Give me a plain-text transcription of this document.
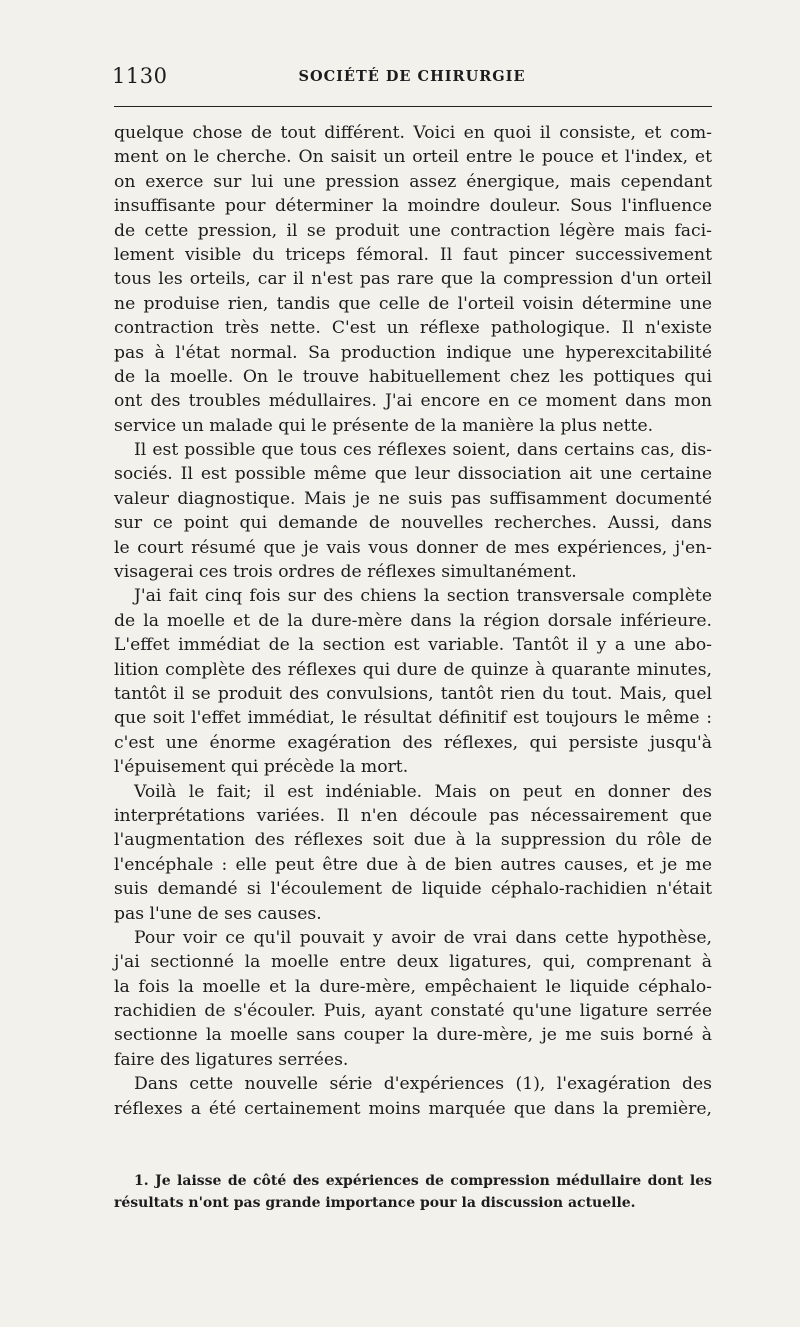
1130	SOCIÉTÉ DE CHIRURGIE
quelque chose de tout différent. Voici en quoi il consiste, et com-
ment on le cherche. On saisit un orteil entre le pouce et l'index, et
on exerce sur lui une pression assez énergique, mais cependant
insuffisante pour déterminer la moindre douleur. Sous l'influence
de cette pression, il se produit une contraction légère mais faci-
lement visible du triceps fémoral. Il faut pincer successivement
tous les orteils, car il n'est pas rare que la compression d'un orteil
ne produise rien, tandis que celle de l'orteil voisin détermine une
contraction très nette. C'est un réflexe pathologique. Il n'existe
pas à l'état normal. Sa production indique une hyperexcitabilité
de la moelle. On le trouve habituellement chez les pottiques qui
ont des troubles médullaires. J'ai encore en ce moment dans mon
service un malade qui le présente de la manière la plus nette.
Il est possible que tous ces réflexes soient, dans certains cas, dis-
sociés. Il est possible même que leur dissociation ait une certaine
valeur diagnostique. Mais je ne suis pas suffisamment documenté
sur ce point qui demande de nouvelles recherches. Aussi, dans
le court résumé que je vais vous donner de mes expériences, j'en-
visagerai ces trois ordres de réflexes simultanément.
J'ai fait cinq fois sur des chiens la section transversale complète
de la moelle et de la dure-mère dans la région dorsale inférieure.
L'effet immédiat de la section est variable. Tantôt il y a une abo-
lition complète des réflexes qui dure de quinze à quarante minutes,
tantôt il se produit des convulsions, tantôt rien du tout. Mais, quel
que soit l'effet immédiat, le résultat définitif est toujours le même :
c'est une énorme exagération des réflexes, qui persiste jusqu'à
l'épuisement qui précède la mort.
Voilà le fait; il est indéniable. Mais on peut en donner des
interprétations variées. Il n'en découle pas nécessairement que
l'augmentation des réflexes soit due à la suppression du rôle de
l'encéphale : elle peut être due à de bien autres causes, et je me
suis demandé si l'écoulement de liquide céphalo-rachidien n'était
pas l'une de ses causes.
Pour voir ce qu'il pouvait y avoir de vrai dans cette hypothèse,
j'ai sectionné la moelle entre deux ligatures, qui, comprenant à
la fois la moelle et la dure-mère, empêchaient le liquide céphalo-
rachidien de s'écouler. Puis, ayant constaté qu'une ligature serrée
sectionne la moelle sans couper la dure-mère, je me suis borné à
faire des ligatures serrées.
Dans cette nouvelle série d'expériences (1), l'exagération des
réflexes a été certainement moins marquée que dans la première,
1. Je laisse de côté des expériences de compression médullaire dont les
résultats n'ont pas grande importance pour la discussion actuelle.
